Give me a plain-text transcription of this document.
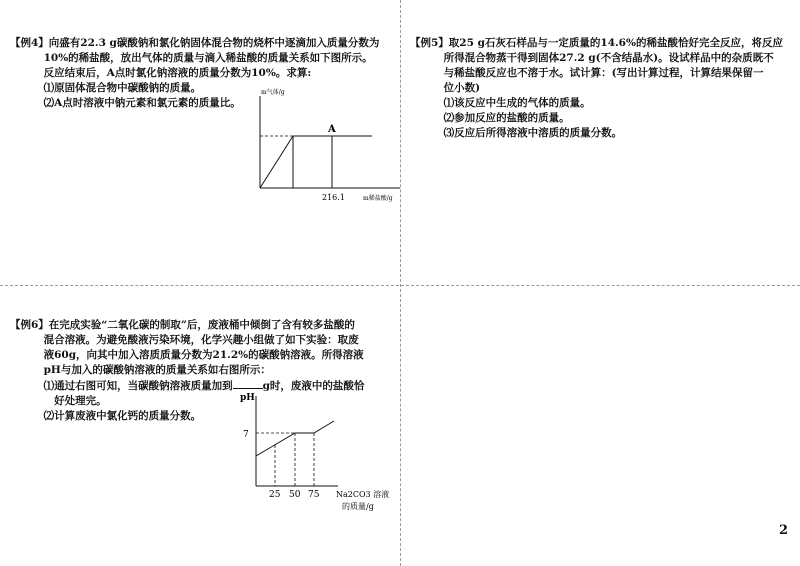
【例4】向盛有22.3 g碳酸钠和氯化钠固体混合物的烧杯中逐滴加入质量分数为

10%的稀盐酸，放出气体的质量与滴入稀盐酸的质量关系如下图所示。

反应结束后，A点时氯化钠溶液的质量分数为10%。求算:

⑴原固体混合物中碳酸钠的质量。

⑵A点时溶液中钠元素和氯元素的质量比。

m气体/g
A
216.1	m稀盐酸/g

【例5】取25 g石灰石样品与一定质量的14.6%的稀盐酸恰好完全反应，将反应

所得混合物蒸干得到固体27.2 g(不含结晶水)。设试样品中的杂质既不

与稀盐酸反应也不溶于水。试计算：(写出计算过程，计算结果保留一

位小数)

⑴该反应中生成的气体的质量。

⑵参加反应的盐酸的质量。

⑶反应后所得溶液中溶质的质量分数。

【例6】在完成实验“二氧化碳的制取”后，废液桶中倾倒了含有较多盐酸的

混合溶液。为避免酸液污染环境，化学兴趣小组做了如下实验：取废

液60g，向其中加入溶质质量分数为21.2%的碳酸钠溶液。所得溶液

pH与加入的碳酸钠溶液的质量关系如右图所示：

⑴通过右图可知，当碳酸钠溶液质量加到	g时，废液中的盐酸恰

好处理完。

⑵计算废液中氯化钙的质量分数。

pH
7
25 50 75 Na2CO3 溶液
的质量/g
2
